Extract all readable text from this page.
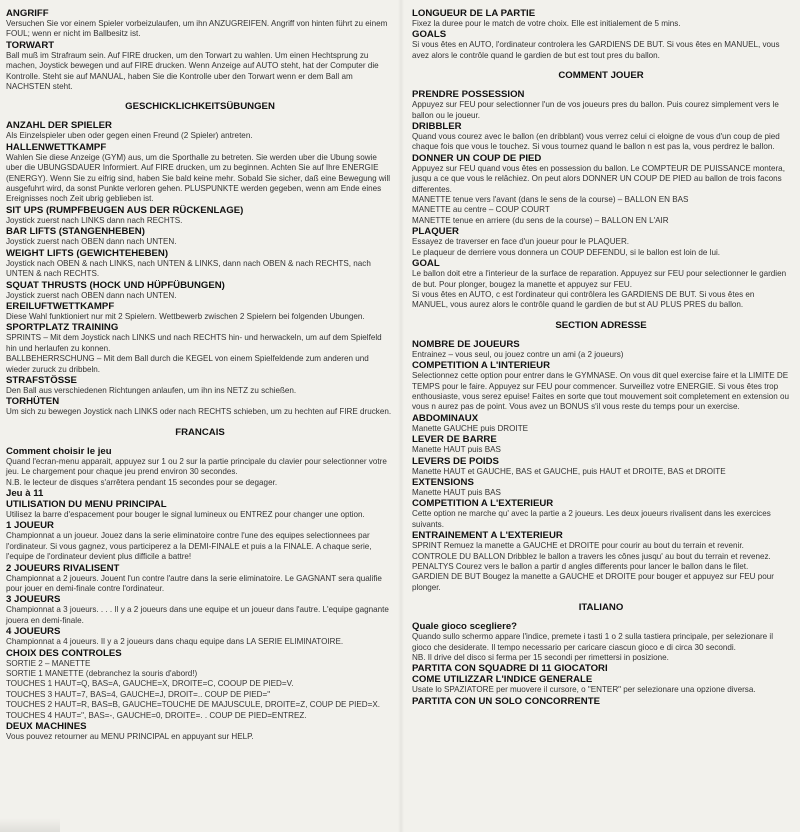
ANGRIFF
Versuchen Sie vor einem Spieler vorbeizulaufen, um ihn ANZUGREIFEN. Angriff von hinten führt zu einem FOUL; wenn er nicht im Ballbesitz ist.
TORWART
Ball muß im Strafraum sein. Auf FIRE drucken, um den Torwart zu wahlen. Um einen Hechtsprung zu machen, Joystick bewegen und auf FIRE drucken. Wenn Anzeige auf AUTO steht, hat der Computer die Kontrolle. Steht sie auf MANUAL, haben Sie die Kontrolle uber den Torwart wenn er dem Ball am NACHSTEN steht.
GESCHICKLICHKEITSÜBUNGEN
ANZAHL DER SPIELER
Als Einzelspieler uben oder gegen einen Freund (2 Spieler) antreten.
HALLENWETTKAMPF
Wahlen Sie diese Anzeige (GYM) aus, um die Sporthalle zu betreten. Sie werden uber die Ubung sowie uber die UBUNGSDAUER Informiert. Auf FIRE drucken, um zu beginnen. Achten Sie auf Ihre ENERGIE (ENERGY). Wenn Sie zu eifrig sind, haben Sie bald keine mehr. Sobald Sie sicher, daß eine Bewegung will ausgefuhrt wird, da sonst Punkte verloren gehen. PLUSPUNKTE werden gegeben, wenn am Ende eines Ereignisses noch Zeit ubrig geblieben ist.
SIT UPS (RUMPFBEUGEN AUS DER RÜCKENLAGE)
Joystick zuerst nach LINKS dann nach RECHTS.
BAR LIFTS (STANGENHEBEN)
Joystick zuerst nach OBEN dann nach UNTEN.
WEIGHT LIFTS (GEWICHTEHEBEN)
Joystick nach OBEN & nach LINKS, nach UNTEN & LINKS, dann nach OBEN & nach RECHTS, nach UNTEN & nach RECHTS.
SQUAT THRUSTS (HOCK UND HÜPFÜBUNGEN)
Joystick zuerst nach OBEN dann nach UNTEN.
EREILUFTWETTKAMPF
Diese Wahl funktioniert nur mit 2 Spielern. Wettbewerb zwischen 2 Spielern bei folgenden Ubungen.
SPORTPLATZ TRAINING
SPRINTS – Mit dem Joystick nach LINKS und nach RECHTS hin- und herwackeln, um auf dem Spielfeld hin und herlaufen zu konnen.
BALLBEHERRSCHUNG – Mit dem Ball durch die KEGEL von einem Spielfeldende zum anderen und wieder zuruck zu dribbeln.
STRAFSTÖSSE
Den Ball aus verschiedenen Richtungen anlaufen, um ihn ins NETZ zu schießen.
TORHÜTEN
Um sich zu bewegen Joystick nach LINKS oder nach RECHTS schieben, um zu hechten auf FIRE drucken.
FRANCAIS
Comment choisir le jeu
Quand l'ecran-menu apparait, appuyez sur 1 ou 2 sur la partie principale du clavier pour selectionner votre jeu. Le chargement pour chaque jeu prend environ 30 secondes.
N.B. le lecteur de disques s'arrêtera pendant 15 secondes pour se degager.
Jeu à 11
UTILISATION DU MENU PRINCIPAL
Utilisez la barre d'espacement pour bouger le signal lumineux ou ENTREZ pour changer une option.
1 JOUEUR
Championnat a un joueur. Jouez dans la serie eliminatoire contre l'une des equipes selectionnees par l'ordinateur. Si vous gagnez, vous participerez a la DEMI-FINALE et puis a la FINALE. A chaque serie, l'equipe de l'ordinateur devient plus difficile a battre!
2 JOUEURS RIVALISENT
Championnat a 2 joueurs. Jouent l'un contre l'autre dans la serie eliminatoire. Le GAGNANT sera qualifie pour jouer en demi-finale contre l'ordinateur.
3 JOUEURS
Championnat a 3 joueurs. . . . Il y a 2 joueurs dans une equipe et un joueur dans l'autre. L'equipe gagnante jouera en demi-finale.
4 JOUEURS
Championnat a 4 joueurs. Il y a 2 joueurs dans chaqu equipe dans LA SERIE ELIMINATOIRE.
CHOIX DES CONTROLES
SORTIE 2 – MANETTE
SORTIE 1 MANETTE (debranchez la souris d'abord!)
TOUCHES 1 HAUT=Q, BAS=A, GAUCHE=X, DROITE=C, COOUP DE PIED=V.
TOUCHES 3 HAUT=7, BAS=4, GAUCHE=J, DROIT=.. COUP DE PIED="
TOUCHES 2 HAUT=R, BAS=B, GAUCHE=TOUCHE DE MAJUSCULE, DROITE=Z, COUP DE PIED=X.
TOUCHES 4 HAUT=", BAS=-, GAUCHE=0, DROITE=. . COUP DE PIED=ENTREZ.
DEUX MACHINES
Vous pouvez retourner au MENU PRINCIPAL en appuyant sur HELP.
LONGUEUR DE LA PARTIE
Fixez la duree pour le match de votre choix. Elle est initialement de 5 mins.
GOALS
Si vous êtes en AUTO, l'ordinateur controlera les GARDIENS DE BUT. Si vous êtes en MANUEL, vous avez alors le contrôle quand le gardien de but est tout pres du ballon.
COMMENT JOUER
PRENDRE POSSESSION
Appuyez sur FEU pour selectionner l'un de vos joueurs pres du ballon. Puis courez simplement vers le ballon ou le joueur.
DRIBBLER
Quand vous courez avec le ballon (en dribblant) vous verrez celui ci eloigne de vous d'un coup de pied chaque fois que vous le touchez. Si vous tournez quand le ballon n est pas la, vous perdrez le ballon.
DONNER UN COUP DE PIED
Appuyez sur FEU quand vous êtes en possession du ballon. Le COMPTEUR DE PUISSANCE montera, jusqu a ce que vous le relâchiez. On peut alors DONNER UN COUP DE PIED au ballon de trois facons differentes.
MANETTE tenue vers l'avant (dans le sens de la course) – BALLON EN BAS
MANETTE au centre – COUP COURT
MANETTE tenue en arriere (du sens de la course) – BALLON EN L'AIR
PLAQUER
Essayez de traverser en face d'un joueur pour le PLAQUER.
Le plaqueur de derriere vous donnera un COUP DEFENDU, si le ballon est loin de lui.
GOAL
Le ballon doit etre a l'interieur de la surface de reparation. Appuyez sur FEU pour selectionner le gardien de but. Pour plonger, bougez la manette et appuyez sur FEU.
Si vous êtes en AUTO, c est l'ordinateur qui contrôlera les GARDIENS DE BUT. Si vous êtes en MANUEL, vous aurez alors le contrôle quand le gardien de but st AU PLUS PRES du ballon.
SECTION ADRESSE
NOMBRE DE JOUEURS
Entrainez – vous seul, ou jouez contre un ami (a 2 joueurs)
COMPETITION A L'INTERIEUR
Selectionnez cette option pour entrer dans le GYMNASE. On vous dit quel exercise faire et la LIMITE DE TEMPS pour le faire. Appuyez sur FEU pour commencer. Surveillez votre ENERGIE. Si vous êtes trop enthousiaste, vous serez epuise! Faites en sorte que tout mouvement soit completement en extension ou vous n aurez pas de point. Vous avez un BONUS s'il vous reste du temps pour un exercise.
ABDOMINAUX
Manette GAUCHE puis DROITE
LEVER DE BARRE
Manette HAUT puis BAS
LEVERS DE POIDS
Manette HAUT et GAUCHE, BAS et GAUCHE, puis HAUT et DROITE, BAS et DROITE
EXTENSIONS
Manette HAUT puis BAS
COMPETITION A L'EXTERIEUR
Cette option ne marche qu' avec la partie a 2 joueurs. Les deux joueurs rivalisent dans les exercices suivants.
ENTRAINEMENT A L'EXTERIEUR
SPRINT Remuez la manette a GAUCHE et DROITE pour courir au bout du terrain et revenir.
CONTROLE DU BALLON Dribblez le ballon a travers les cônes jusqu' au bout du terrain et revenez.
PENALTYS Courez vers le ballon a partir d angles differents pour lancer le ballon dans le filet.
GARDIEN DE BUT Bougez la manette a GAUCHE et DROITE pour bouger et appuyez sur FEU pour plonger.
ITALIANO
Quale gioco scegliere?
Quando sullo schermo appare l'indice, premete i tasti 1 o 2 sulla tastiera principale, per selezionare il gioco che desiderate. Il tempo necessario per caricare ciascun gioco e di circa 30 secondi.
NB. Il drive del disco si ferma per 15 secondi per rimettersi in posizione.
PARTITA CON SQUADRE DI 11 GIOCATORI
COME UTILIZZAR L'INDICE GENERALE
Usate lo SPAZIATORE per muovere il cursore, o "ENTER" per selezionare una opzione diversa.
PARTITA CON UN SOLO CONCORRENTE
